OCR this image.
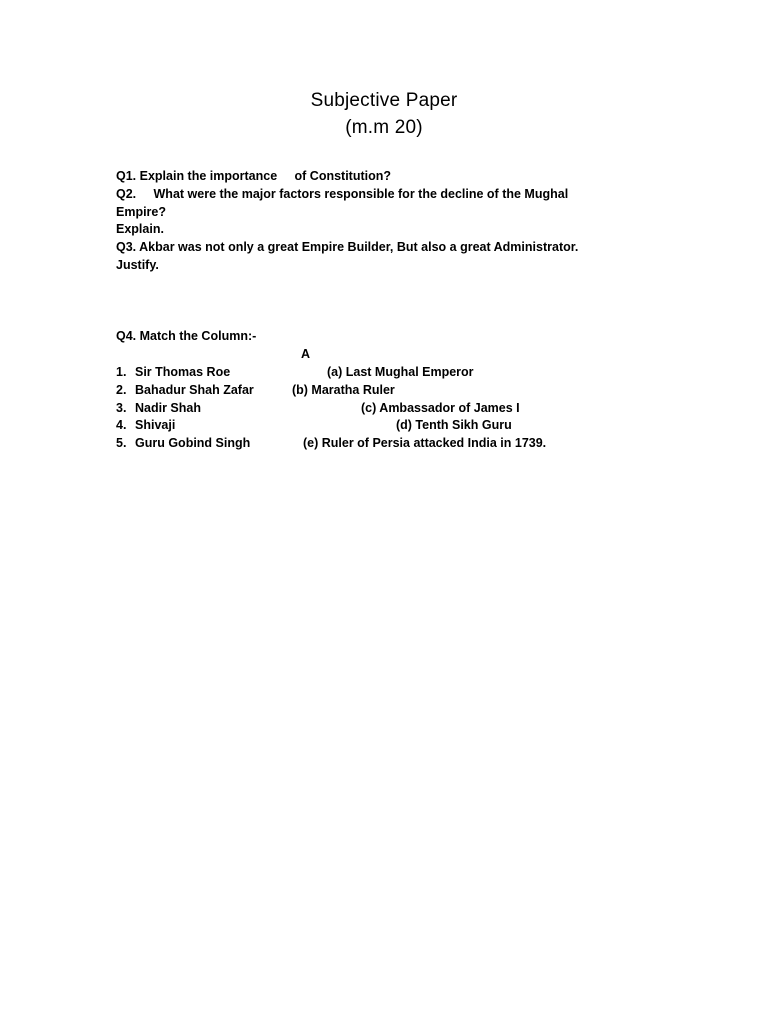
Subjective Paper
(m.m 20)
Q1. Explain the importance     of Constitution?
Q2.     What were the major factors responsible for the decline of the Mughal
Empire?
Explain.
Q3. Akbar was not only a great Empire Builder, But also a great Administrator.
Justify.
Q4. Match the Column:-
A
1. Sir Thomas Roe	(a) Last Mughal Emperor
2. Bahadur Shah Zafar	(b) Maratha Ruler
3. Nadir Shah	(c) Ambassador of James I
4. Shivaji	(d) Tenth Sikh Guru
5. Guru Gobind Singh	(e) Ruler of Persia attacked India in 1739.
